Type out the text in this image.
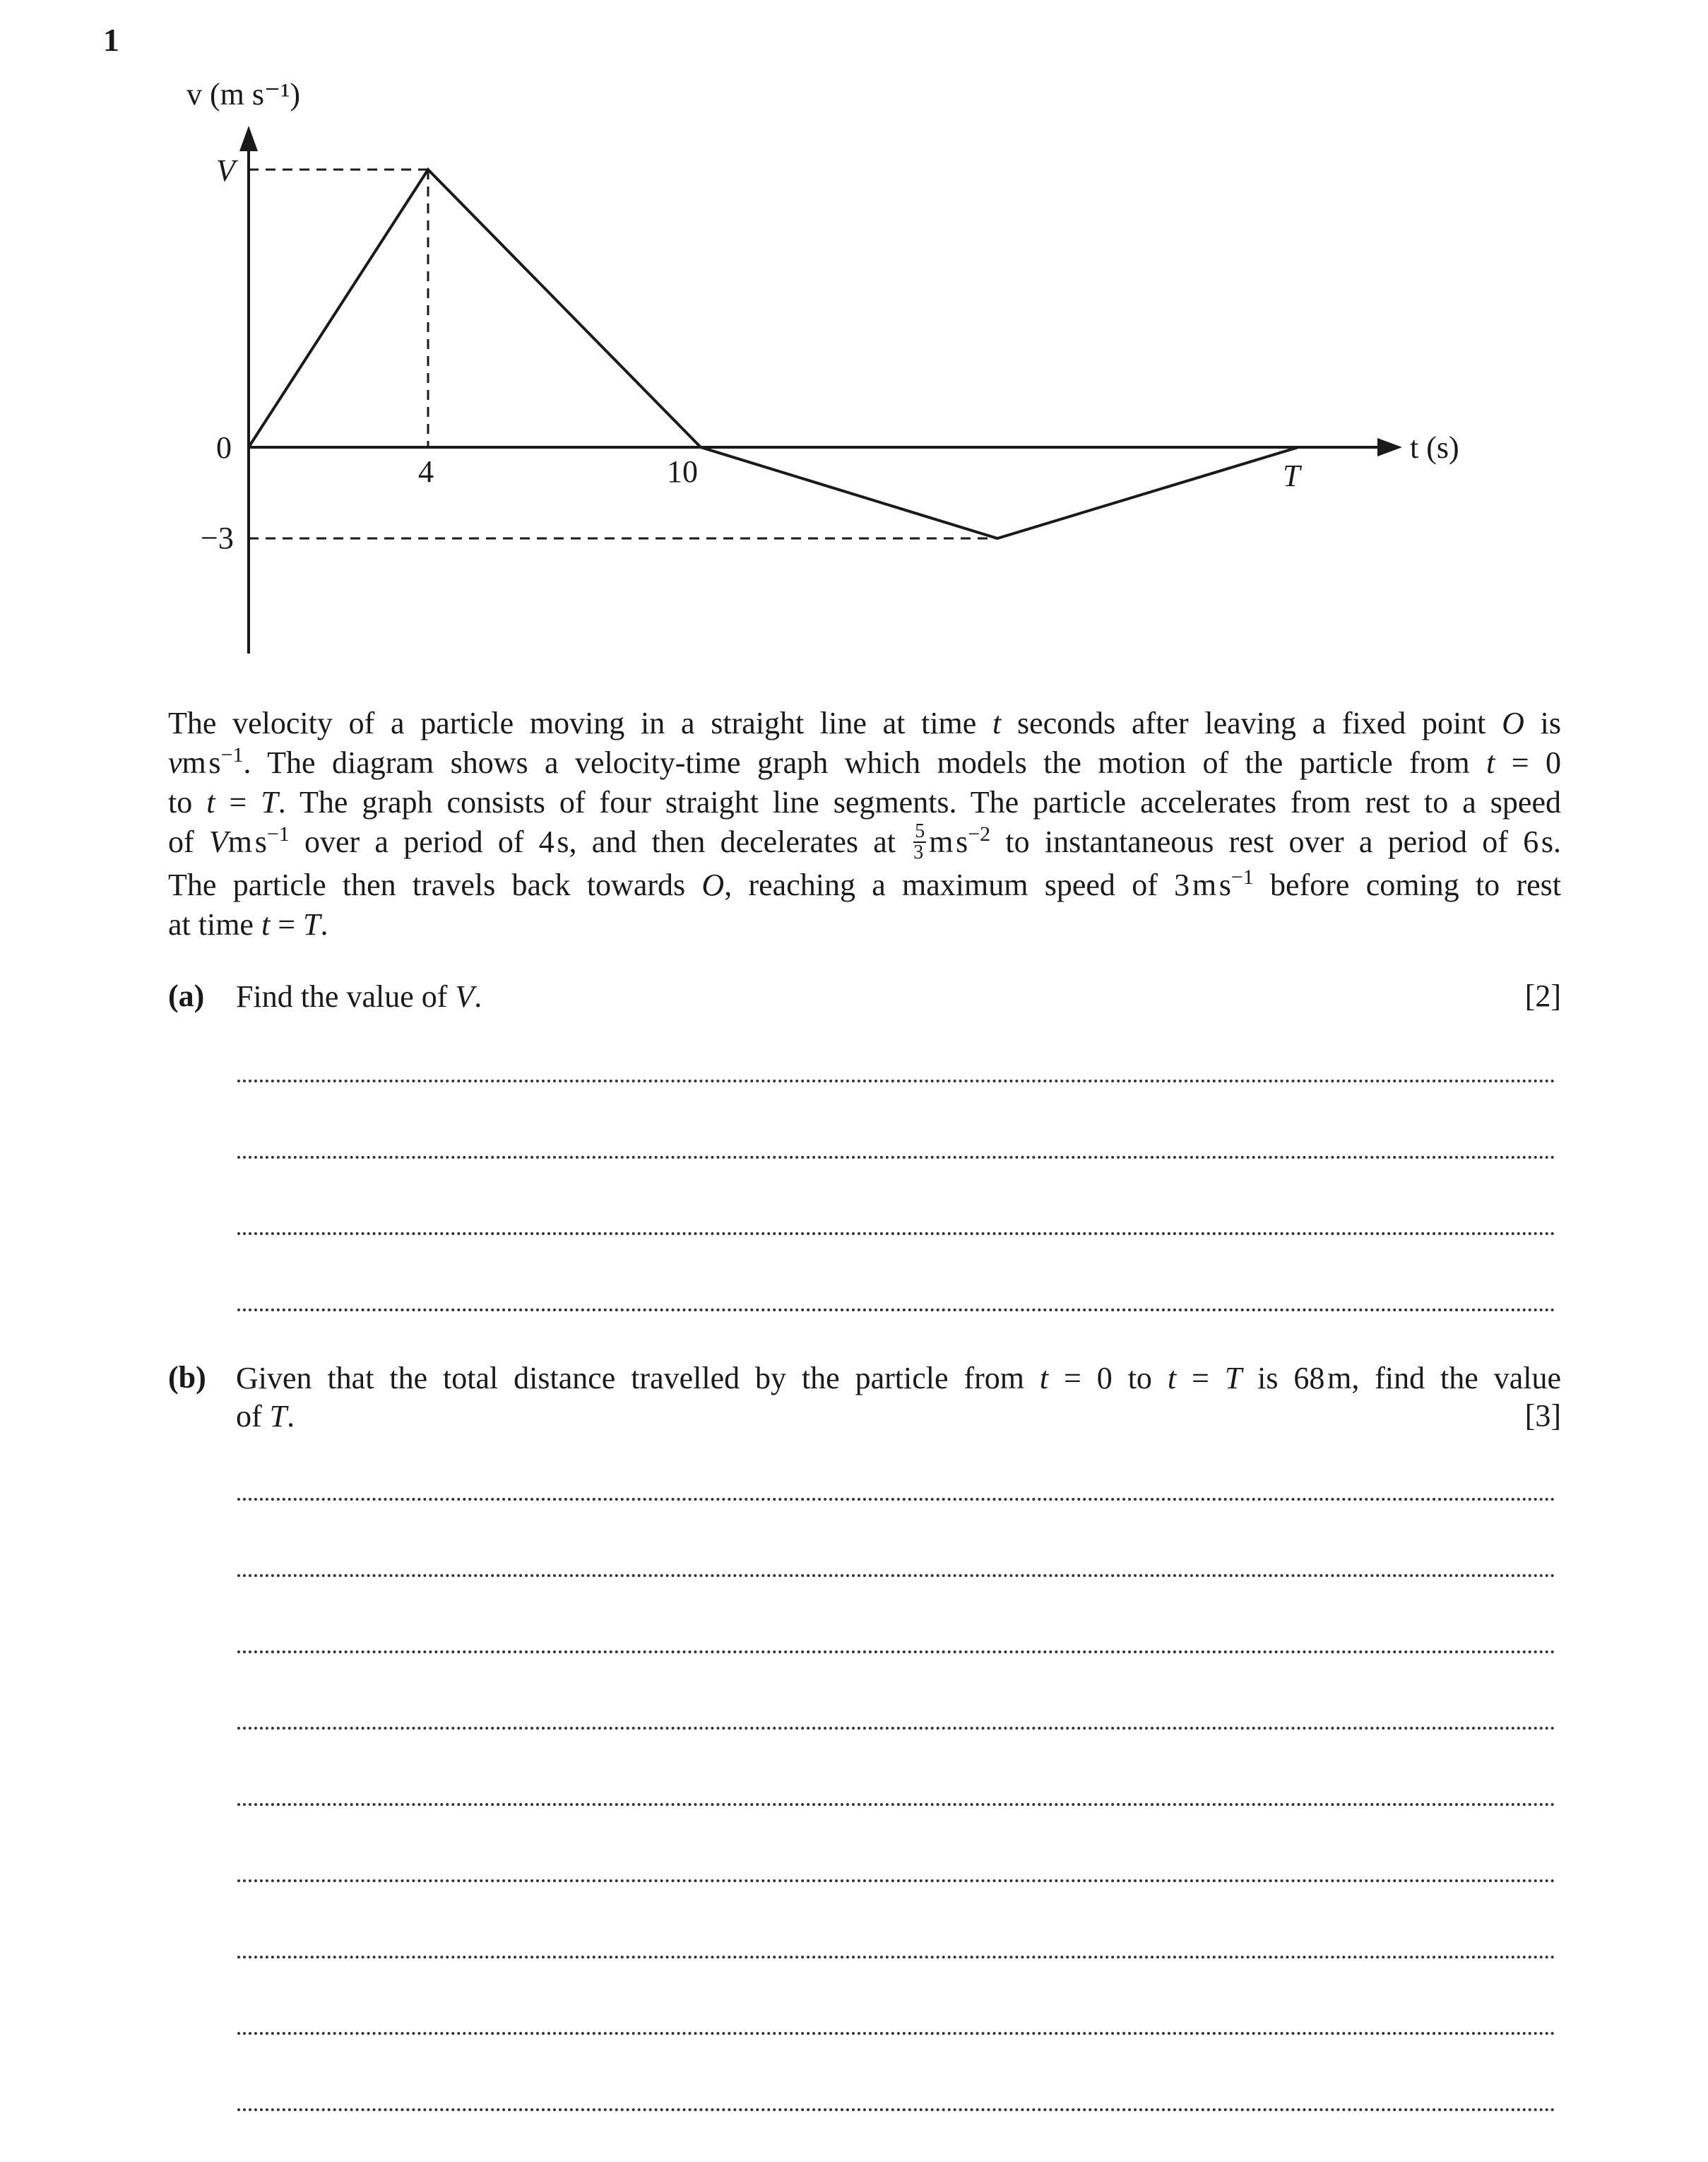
1
v (m s⁻¹)
V
0
−3
4	10	T
t (s)
The velocity of a particle moving in a straight line at time t seconds after leaving a fixed point O is
vm $s^{-1}$. The diagram shows a velocity-time graph which models the motion of the particle from t = 0
to t = T. The graph consists of four straight line segments. The particle accelerates from rest to a speed
of Vm $s^{-1}$ over a period of 4 s, and then decelerates at $\frac{5}{3}$ m $s^{-2}$ to instantaneous rest over a period of 6 s.
The particle then travels back towards O, reaching a maximum speed of 3 m $s^{-1}$ before coming to rest
at time t = T.
(a) Find the value of V.	[2]
(b) Given that the total distance travelled by the particle from t = 0 to t = T is 68 m, find the value
of T.	[3]
